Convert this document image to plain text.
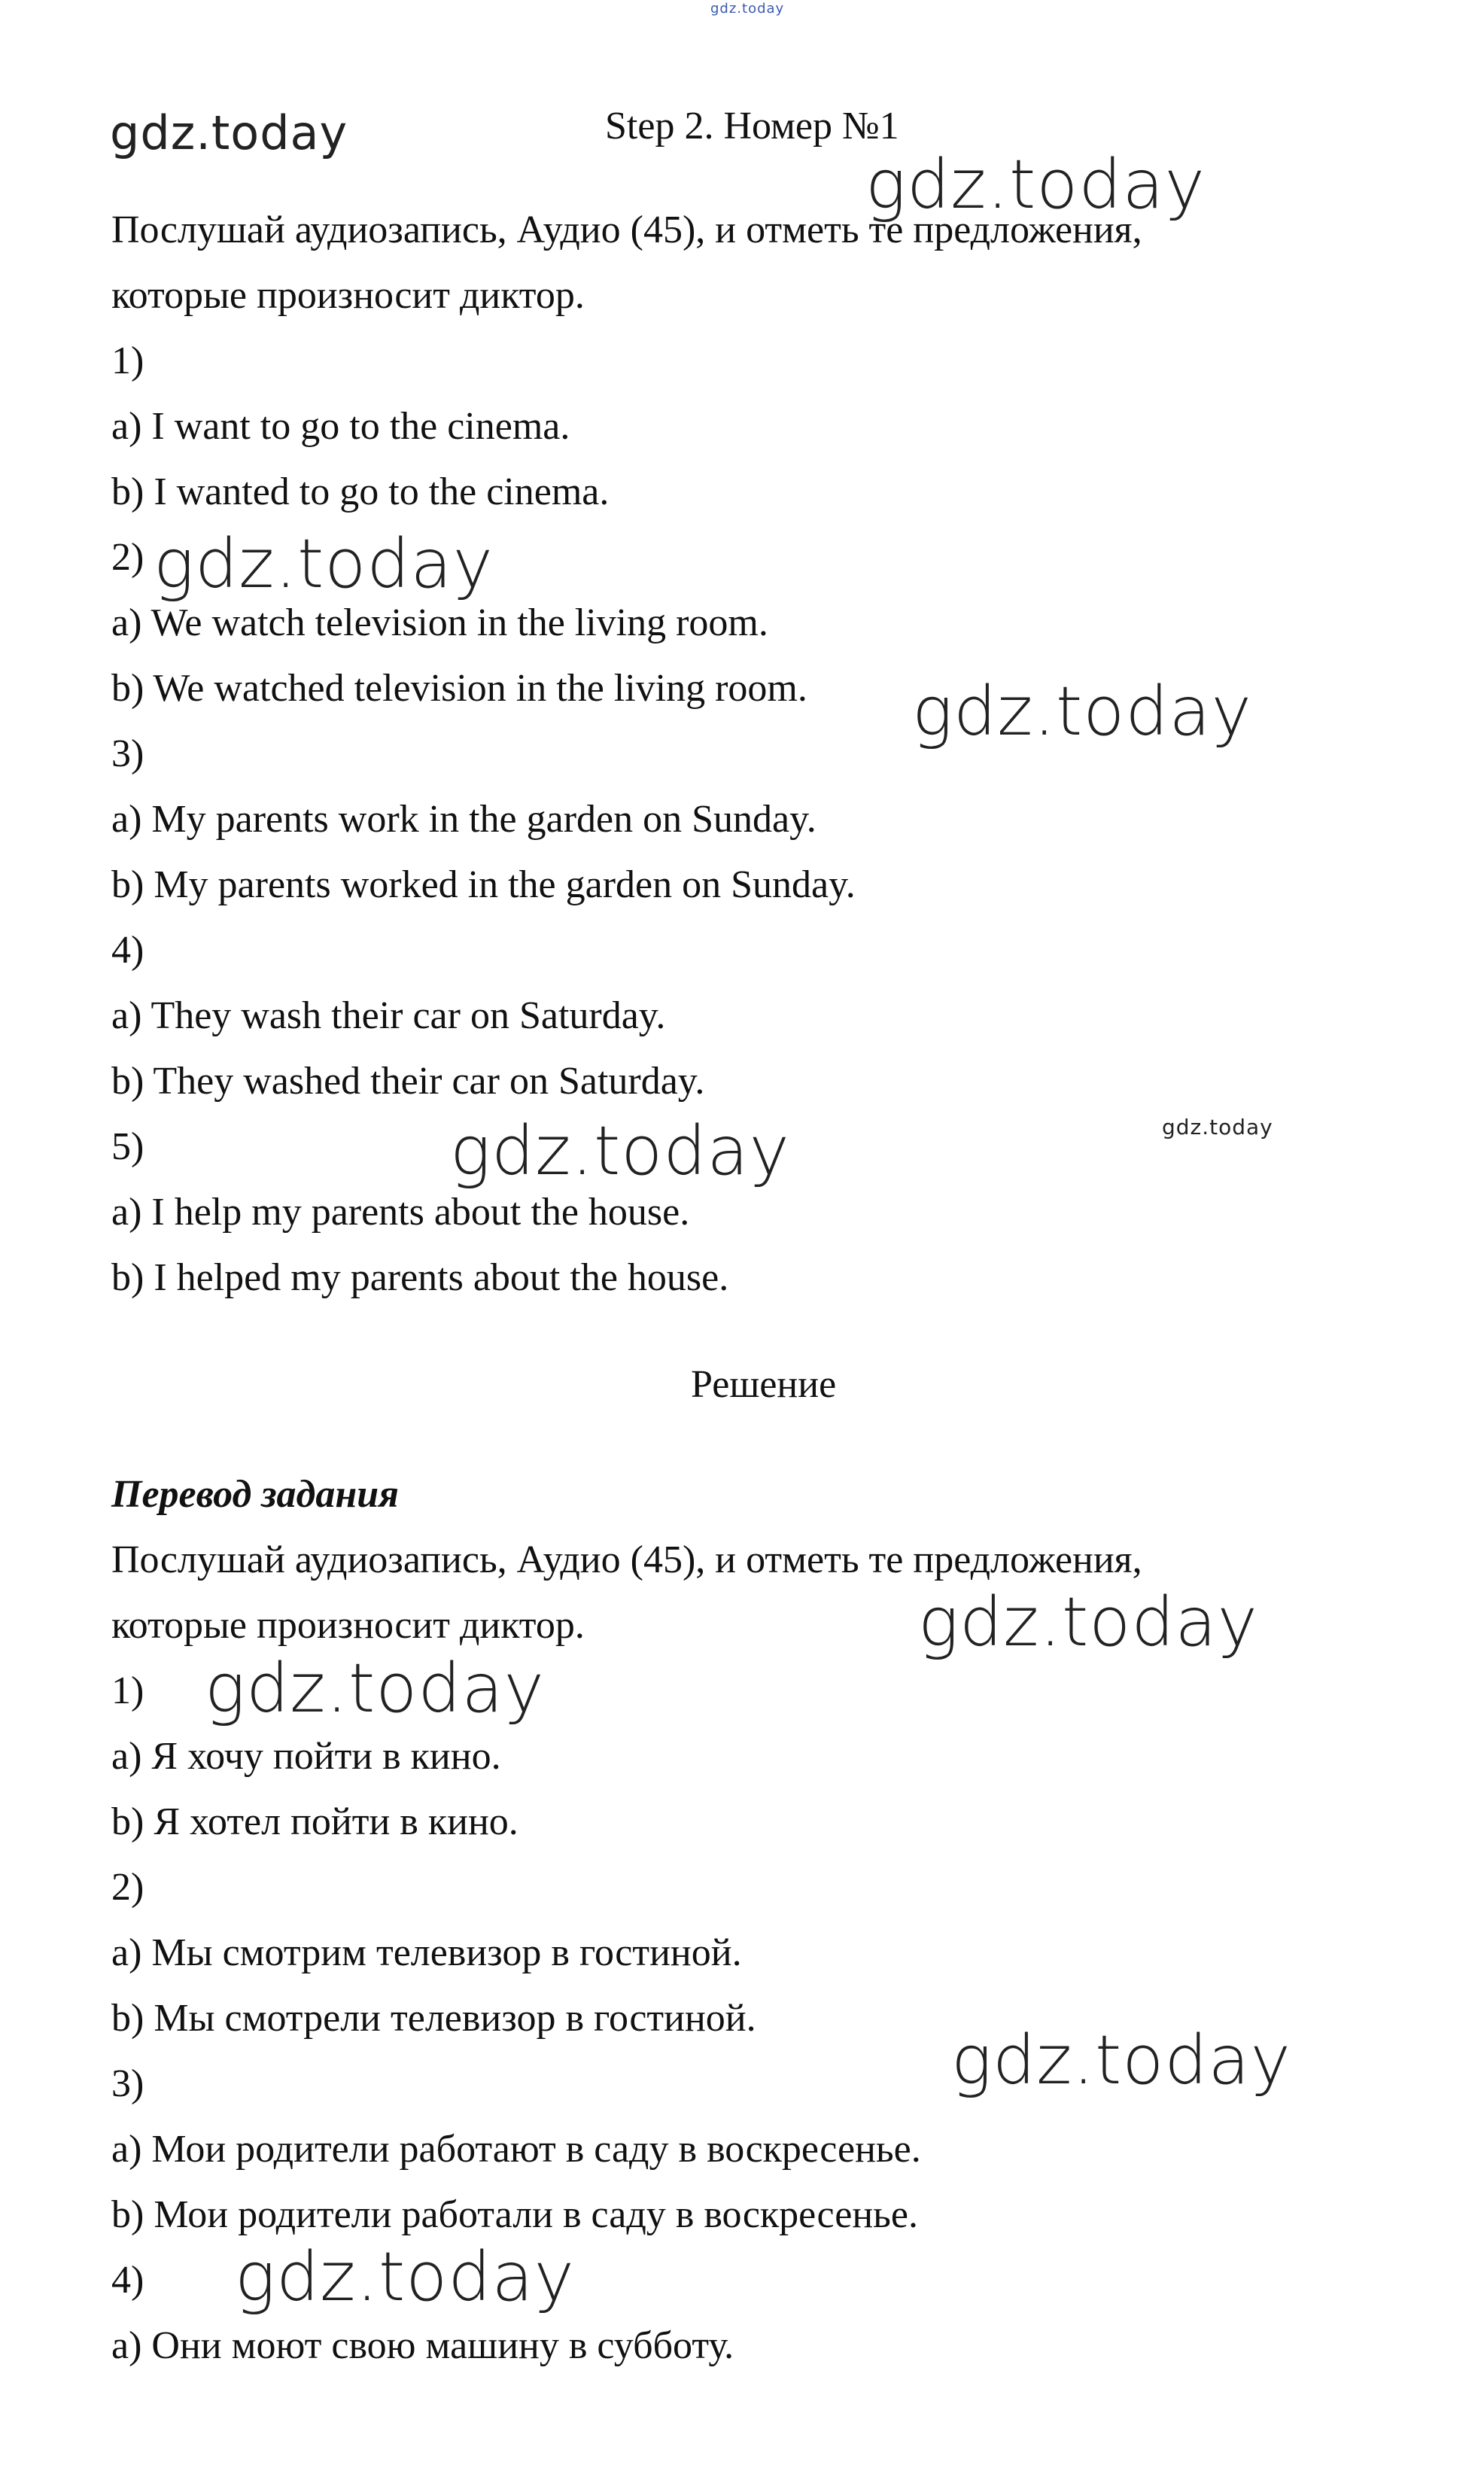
gdz.today
gdz.today
gdz.today
gdz.today
gdz.today
gdz.today	gdz.today
gdz.today
gdz.today
gdz.today
gdz.today
Step 2. Номер №1
Послушай аудиозапись, Аудио (45), и отметь те предложения,
которые произносит диктор.
1)
a) I want to go to the cinema.
b) I wanted to go to the cinema.
2)
a) We watch television in the living room.
b) We watched television in the living room.
3)
a) My parents work in the garden on Sunday.
b) My parents worked in the garden on Sunday.
4)
a) They wash their car on Saturday.
b) They washed their car on Saturday.
5)
a) I help my parents about the house.
b) I helped my parents about the house.
Решение
Перевод задания
Послушай аудиозапись, Аудио (45), и отметь те предложения,
которые произносит диктор.
1)
a) Я хочу пойти в кино.
b) Я хотел пойти в кино.
2)
a) Мы смотрим телевизор в гостиной.
b) Мы смотрели телевизор в гостиной.
3)
a) Мои родители работают в саду в воскресенье.
b) Мои родители работали в саду в воскресенье.
4)
a) Они моют свою машину в субботу.
